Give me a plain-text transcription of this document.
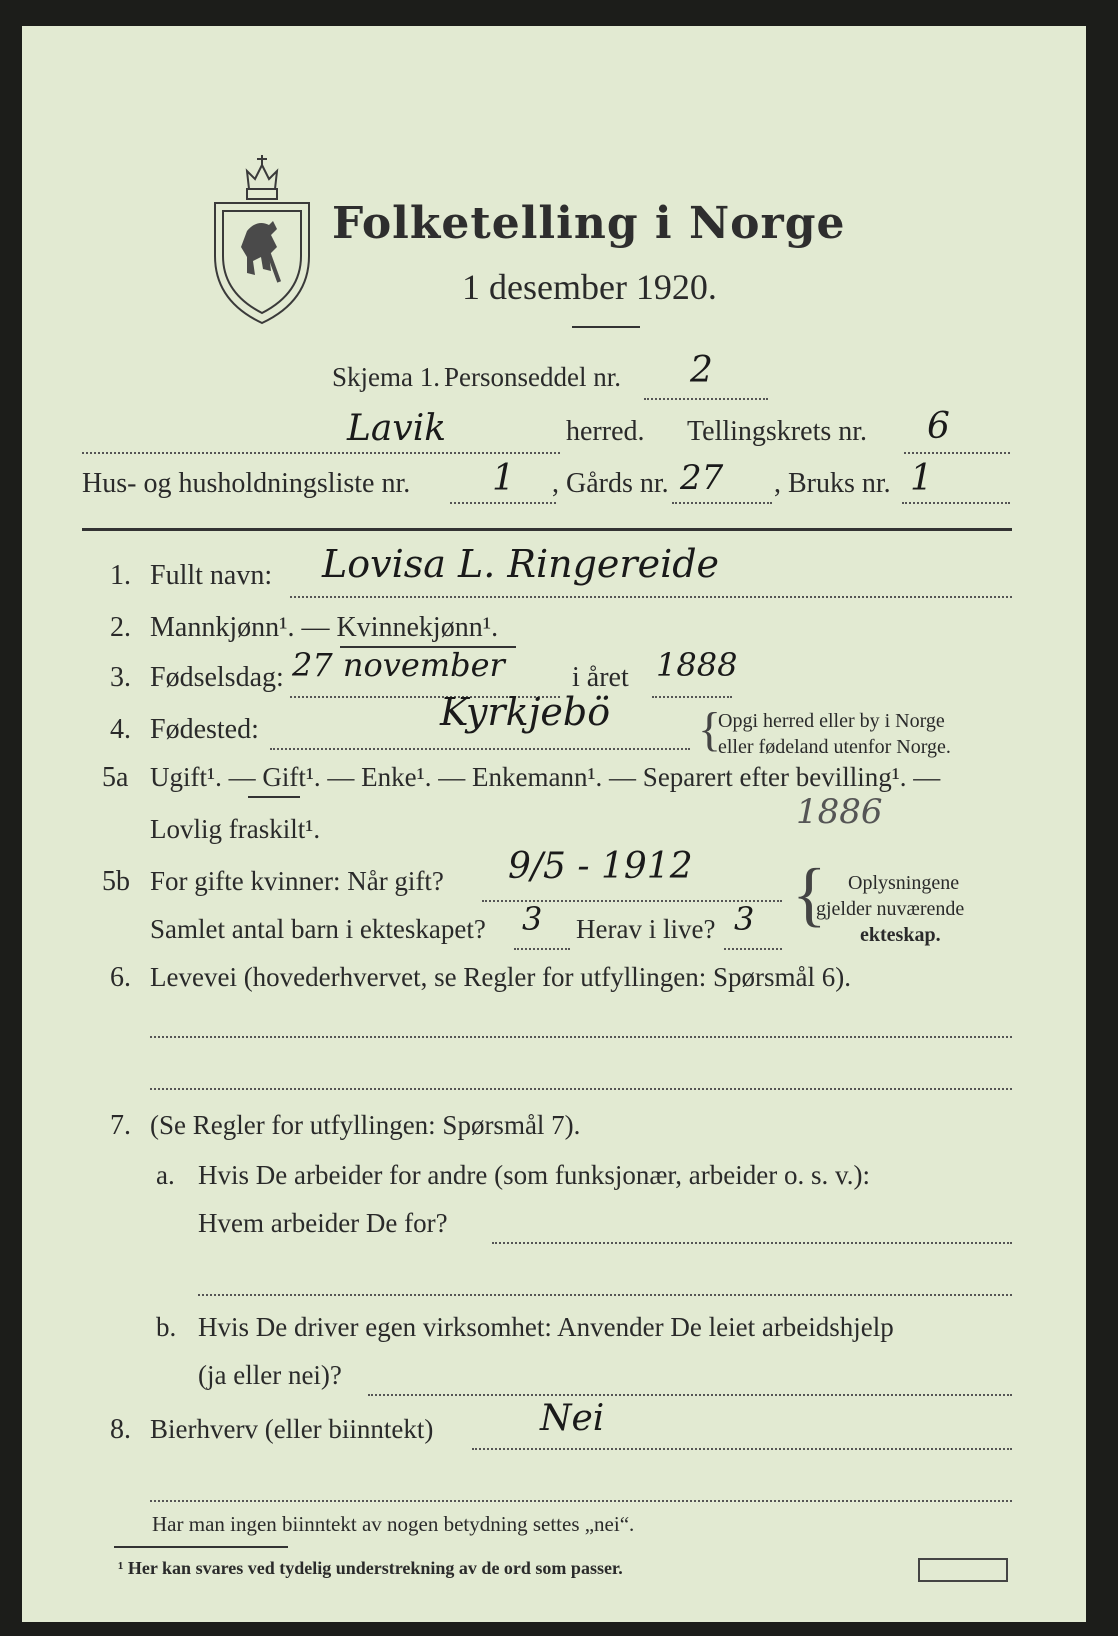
Folketelling i Norge
1 desember 1920.
Skjema 1. Personseddel nr. 2
Lavik	herred. Tellingskrets nr. 6
Hus- og husholdningsliste nr. 1 , Gårds nr. 27 , Bruks nr. 1
1. Fullt navn: Lovisa L. Ringereide
2. Mannkjønn¹. — Kvinnekjønn¹.
3. Fødselsdag: 27 november i året 1888
4. Fødested:	Kyrkjebö {
Opgi herred eller by i Norge
eller fødeland utenfor Norge.
5a Ugift¹. — Gift¹. — Enke¹. — Enkemann¹. — Separert efter bevilling¹. —
Lovlig fraskilt¹.	1886
5b For gifte kvinner: Når gift? 9/5 - 1912
Samlet antal barn i ekteskapet? 3 Herav i live? 3 { Oplysningene
gjelder nuværende
ekteskap.
6. Levevei (hovederhvervet, se Regler for utfyllingen: Spørsmål 6).
7. (Se Regler for utfyllingen: Spørsmål 7).
a. Hvis De arbeider for andre (som funksjonær, arbeider o. s. v.):
Hvem arbeider De for?
b. Hvis De driver egen virksomhet: Anvender De leiet arbeidshjelp
(ja eller nei)?
8. Bierhverv (eller biinntekt)	Nei
Har man ingen biinntekt av nogen betydning settes „nei“.
¹ Her kan svares ved tydelig understrekning av de ord som passer.
